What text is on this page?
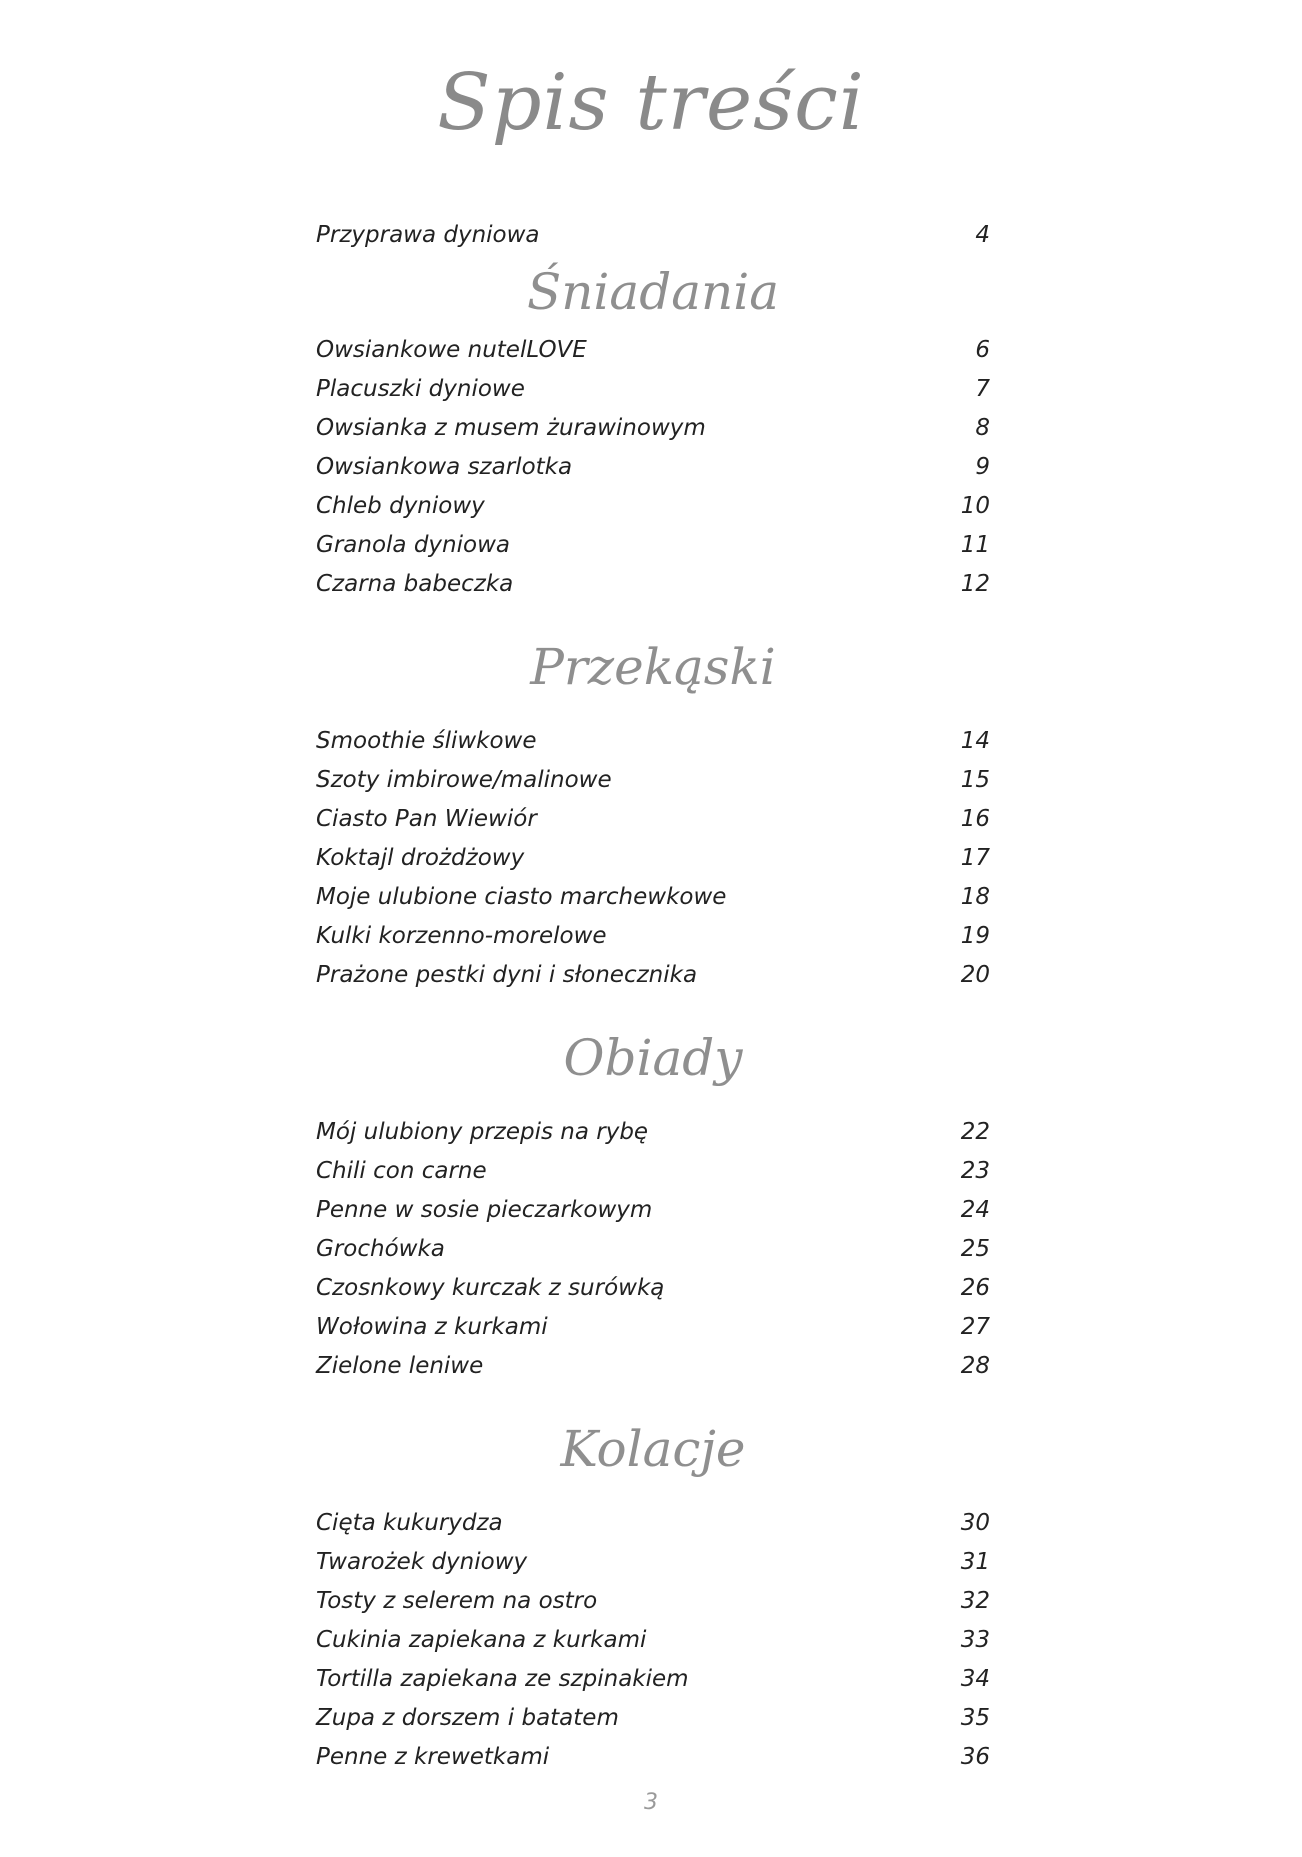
Spis treści
Przyprawa dyniowa	4
Śniadania
Owsiankowe nutelLOVE	6
Placuszki dyniowe	7
Owsianka z musem żurawinowym	8
Owsiankowa szarlotka	9
Chleb dyniowy	10
Granola dyniowa	11
Czarna babeczka	12
Przekąski
Smoothie śliwkowe	14
Szoty imbirowe/malinowe	15
Ciasto Pan Wiewiór	16
Koktajl drożdżowy	17
Moje ulubione ciasto marchewkowe	18
Kulki korzenno-morelowe	19
Prażone pestki dyni i słonecznika	20
Obiady
Mój ulubiony przepis na rybę	22
Chili con carne	23
Penne w sosie pieczarkowym	24
Grochówka	25
Czosnkowy kurczak z surówką	26
Wołowina z kurkami	27
Zielone leniwe	28
Kolacje
Cięta kukurydza	30
Twarożek dyniowy	31
Tosty z selerem na ostro	32
Cukinia zapiekana z kurkami	33
Tortilla zapiekana ze szpinakiem	34
Zupa z dorszem i batatem	35
Penne z krewetkami	36
3
